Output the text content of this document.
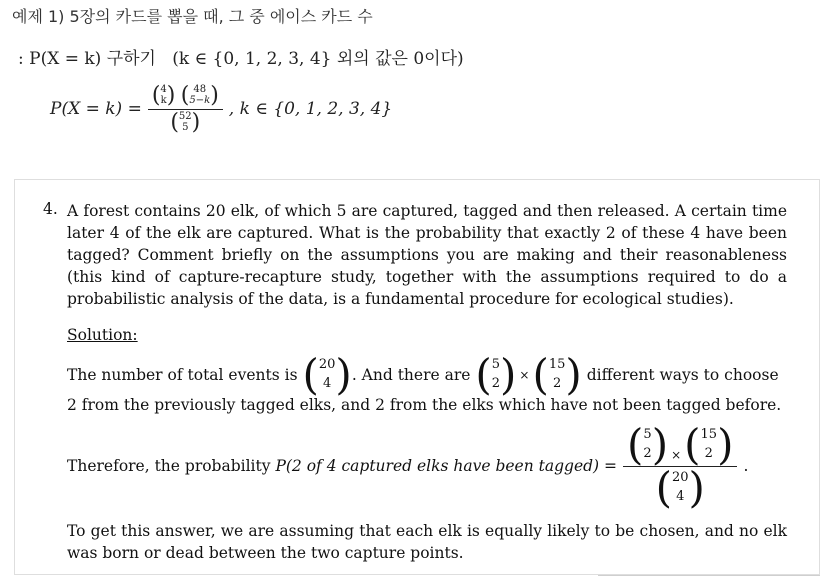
예제 1) 5장의 카드를 뽑을 때, 그 중 에이스 카드 수
: P(X = k) 구하기 (k ∈ {0, 1, 2, 3, 4} 외의 값은 0이다)
P(X = k) = ( 4
k )
( 48
5−k )
( 52
5 ) , k ∈ {0, 1, 2, 3, 4}
4. A forest contains 20 elk, of which 5 are captured, tagged and then released. A certain time later 4 of the elk are captured. What is the probability that exactly 2 of these 4 have been tagged? Comment briefly on the assumptions you are making and their reasonableness (this kind of capture-recapture study, together with the assumptions required to do a probabilistic analysis of the data, is a fundamental procedure for ecological studies).
Solution:
The number of total events is
( 20
4 ) . And there are
( 5
2 ) × ( 15
2 )
different ways to choose
2 from the previously tagged elks, and 2 from the elks which have not been tagged before.
Therefore, the probability
P(2 of 4 captured elks have been tagged) = ( 5
2 ) × ( 15
2 )
( 20
4 ) .
To get this answer, we are assuming that each elk is equally likely to be chosen, and no elk was born or dead between the two capture points.
